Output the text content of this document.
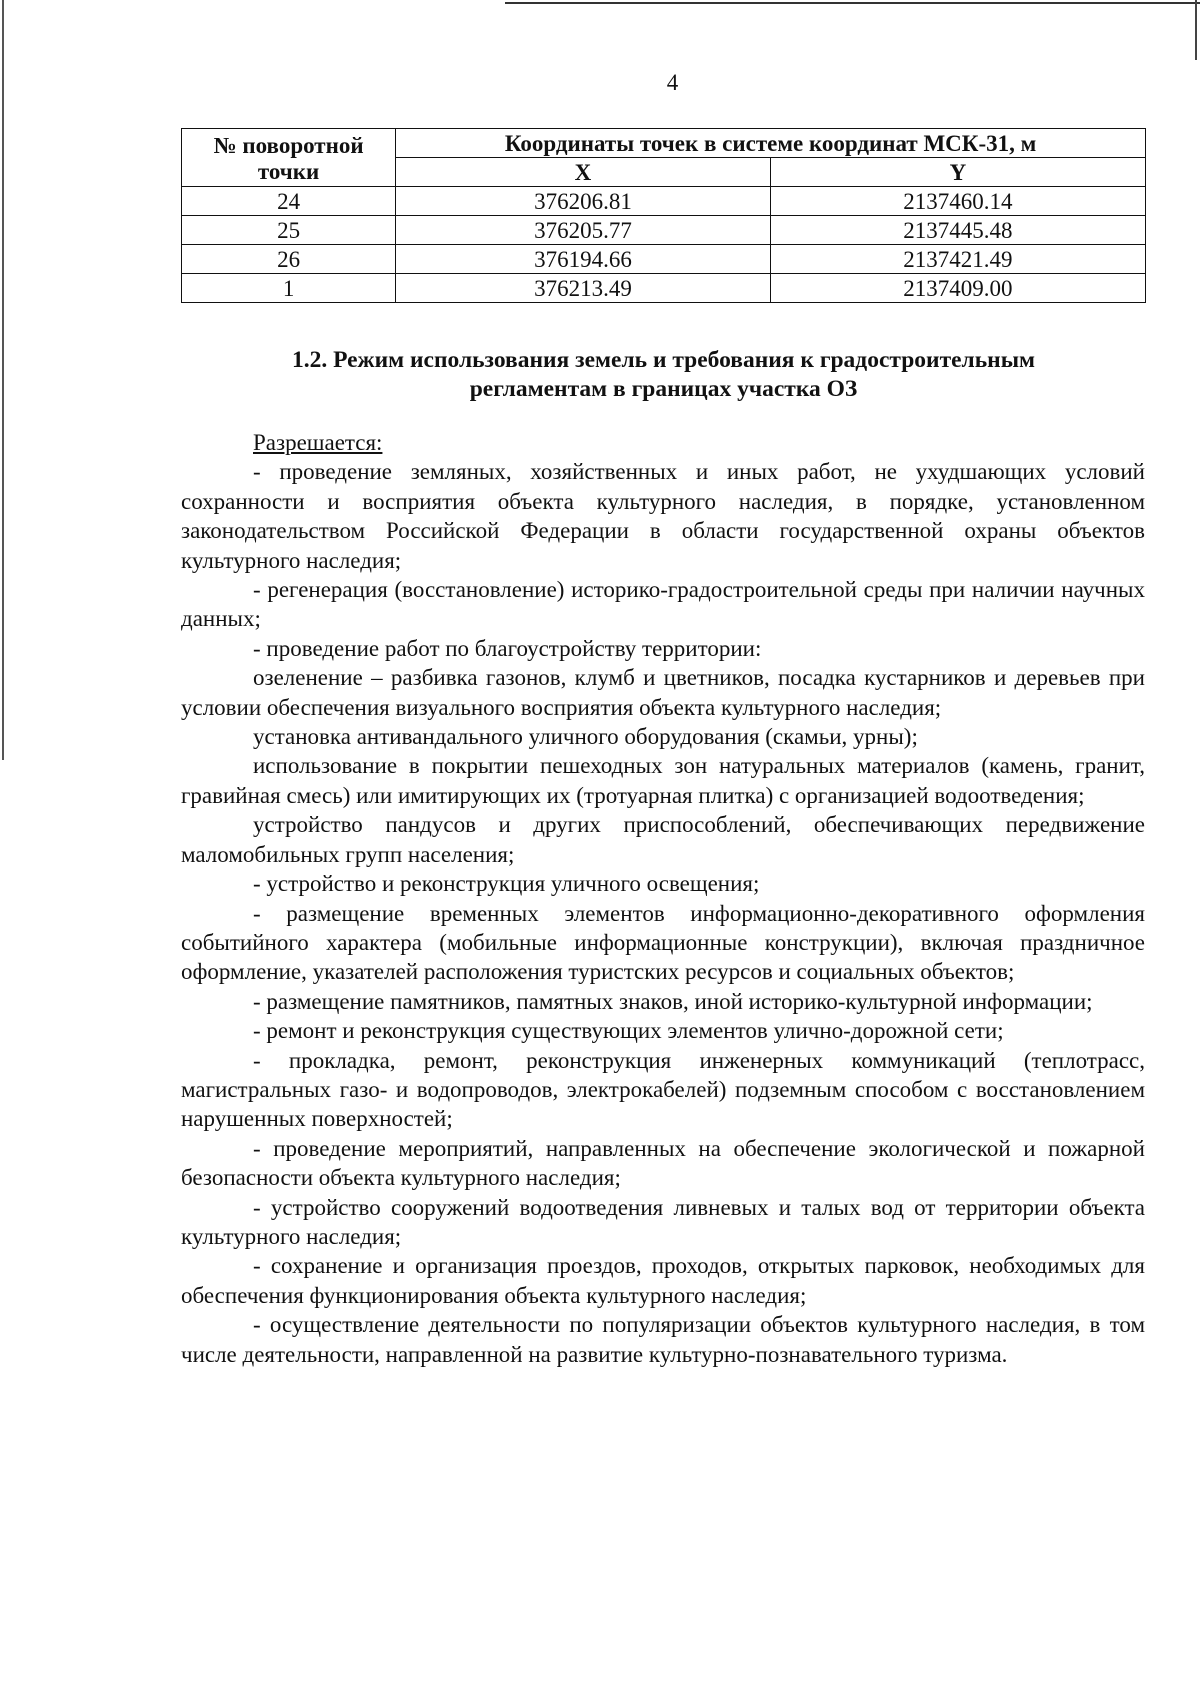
4
№ поворотной точки	Координаты точек в системе координат МСК-31, м	
	X	Y
24	376206.81	2137460.14
25	376205.77	2137445.48
26	376194.66	2137421.49
1	376213.49	2137409.00
1.2. Режим использования земель и требования к градостроительным
регламентам в границах участка ОЗ

Разрешается:

- проведение земляных, хозяйственных и иных работ, не ухудшающих условий сохранности и восприятия объекта культурного наследия, в порядке, установленном законодательством Российской Федерации в области государственной охраны объектов культурного наследия;

- регенерация (восстановление) историко-градостроительной среды при наличии научных данных;

- проведение работ по благоустройству территории:

озеленение – разбивка газонов, клумб и цветников, посадка кустарников и деревьев при условии обеспечения визуального восприятия объекта культурного наследия;

установка антивандального уличного оборудования (скамьи, урны);

использование в покрытии пешеходных зон натуральных материалов (камень, гранит, гравийная смесь) или имитирующих их (тротуарная плитка) с организацией водоотведения;

устройство пандусов и других приспособлений, обеспечивающих передвижение маломобильных групп населения;

- устройство и реконструкция уличного освещения;

- размещение временных элементов информационно-декоративного оформления событийного характера (мобильные информационные конструкции), включая праздничное оформление, указателей расположения туристских ресурсов и социальных объектов;

- размещение памятников, памятных знаков, иной историко-культурной информации;

- ремонт и реконструкция существующих элементов улично-дорожной сети;

- прокладка, ремонт, реконструкция инженерных коммуникаций (теплотрасс, магистральных газо- и водопроводов, электрокабелей) подземным способом с восстановлением нарушенных поверхностей;

- проведение мероприятий, направленных на обеспечение экологической и пожарной безопасности объекта культурного наследия;

- устройство сооружений водоотведения ливневых и талых вод от территории объекта культурного наследия;

- сохранение и организация проездов, проходов, открытых парковок, необходимых для обеспечения функционирования объекта культурного наследия;

- осуществление деятельности по популяризации объектов культурного наследия, в том числе деятельности, направленной на развитие культурно-познавательного туризма.
